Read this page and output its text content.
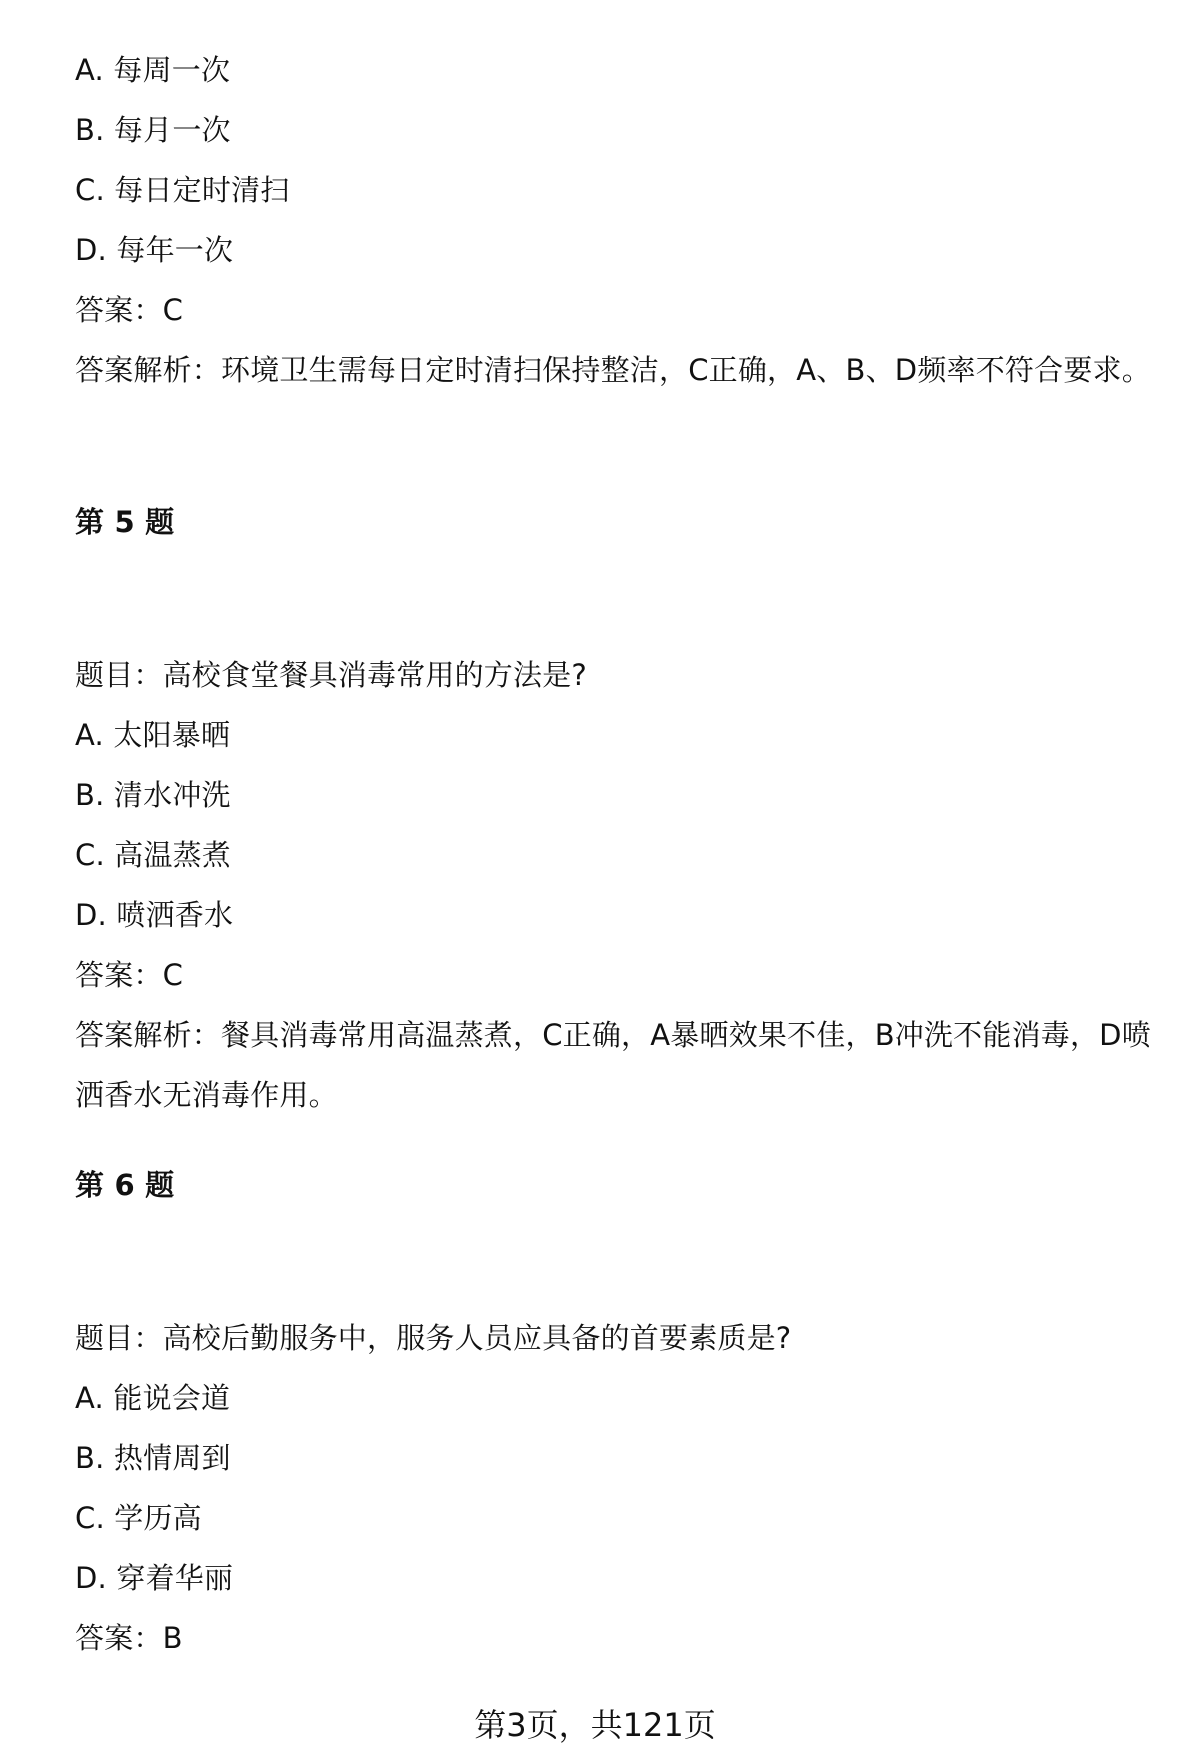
A. 每周一次
B. 每月一次
C. 每日定时清扫
D. 每年一次
答案：C
答案解析：环境卫生需每日定时清扫保持整洁，C正确，A、B、D频率不符合要求。
第 5 题
题目：高校食堂餐具消毒常用的方法是?
A. 太阳暴晒
B. 清水冲洗
C. 高温蒸煮
D. 喷洒香水
答案：C
答案解析：餐具消毒常用高温蒸煮，C正确，A暴晒效果不佳，B冲洗不能消毒，D喷洒香水无消毒作用。
第 6 题
题目：高校后勤服务中，服务人员应具备的首要素质是?
A. 能说会道
B. 热情周到
C. 学历高
D. 穿着华丽
答案：B
第3页，共121页
